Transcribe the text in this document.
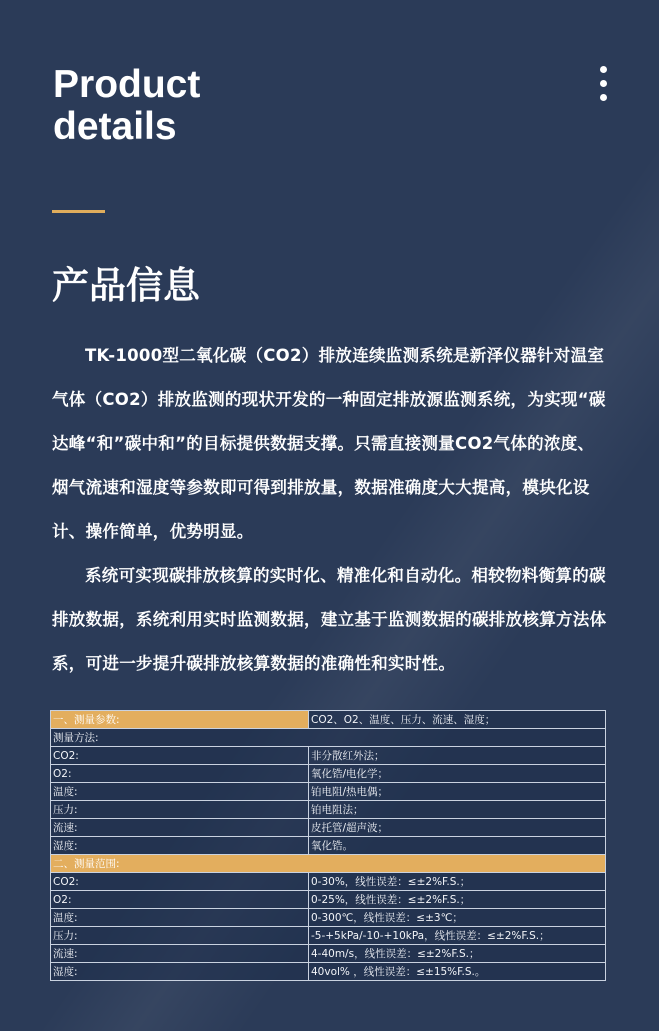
Product
details
产品信息
TK-1000型二氧化碳（CO2）排放连续监测系统是新泽仪器针对温室气体（CO2）排放监测的现状开发的一种固定排放源监测系统，为实现“碳达峰“和”碳中和”的目标提供数据支撑。只需直接测量CO2气体的浓度、烟气流速和湿度等参数即可得到排放量，数据准确度大大提高，模块化设计、操作简单，优势明显。
系统可实现碳排放核算的实时化、精准化和自动化。相较物料衡算的碳排放数据，系统利用实时监测数据，建立基于监测数据的碳排放核算方法体系，可进一步提升碳排放核算数据的准确性和实时性。
一、测量参数:	CO2、O2、温度、压力、流速、湿度；
测量方法:	
CO2:	非分散红外法；
O2:	氧化锆/电化学；
温度:	铂电阻/热电偶；
压力:	铂电阻法；
流速:	皮托管/超声波；
湿度:	氧化锆。
二、测量范围:	
CO2:	0-30%，线性误差：≤±2%F.S.；
O2:	0-25%，线性误差：≤±2%F.S.；
温度:	0-300℃，线性误差：≤±3℃；
压力:	-5-+5kPa/-10-+10kPa，线性误差：≤±2%F.S.；
流速:	4-40m/s，线性误差：≤±2%F.S.；
湿度:	40vol% ，线性误差：≤±15%F.S.。
